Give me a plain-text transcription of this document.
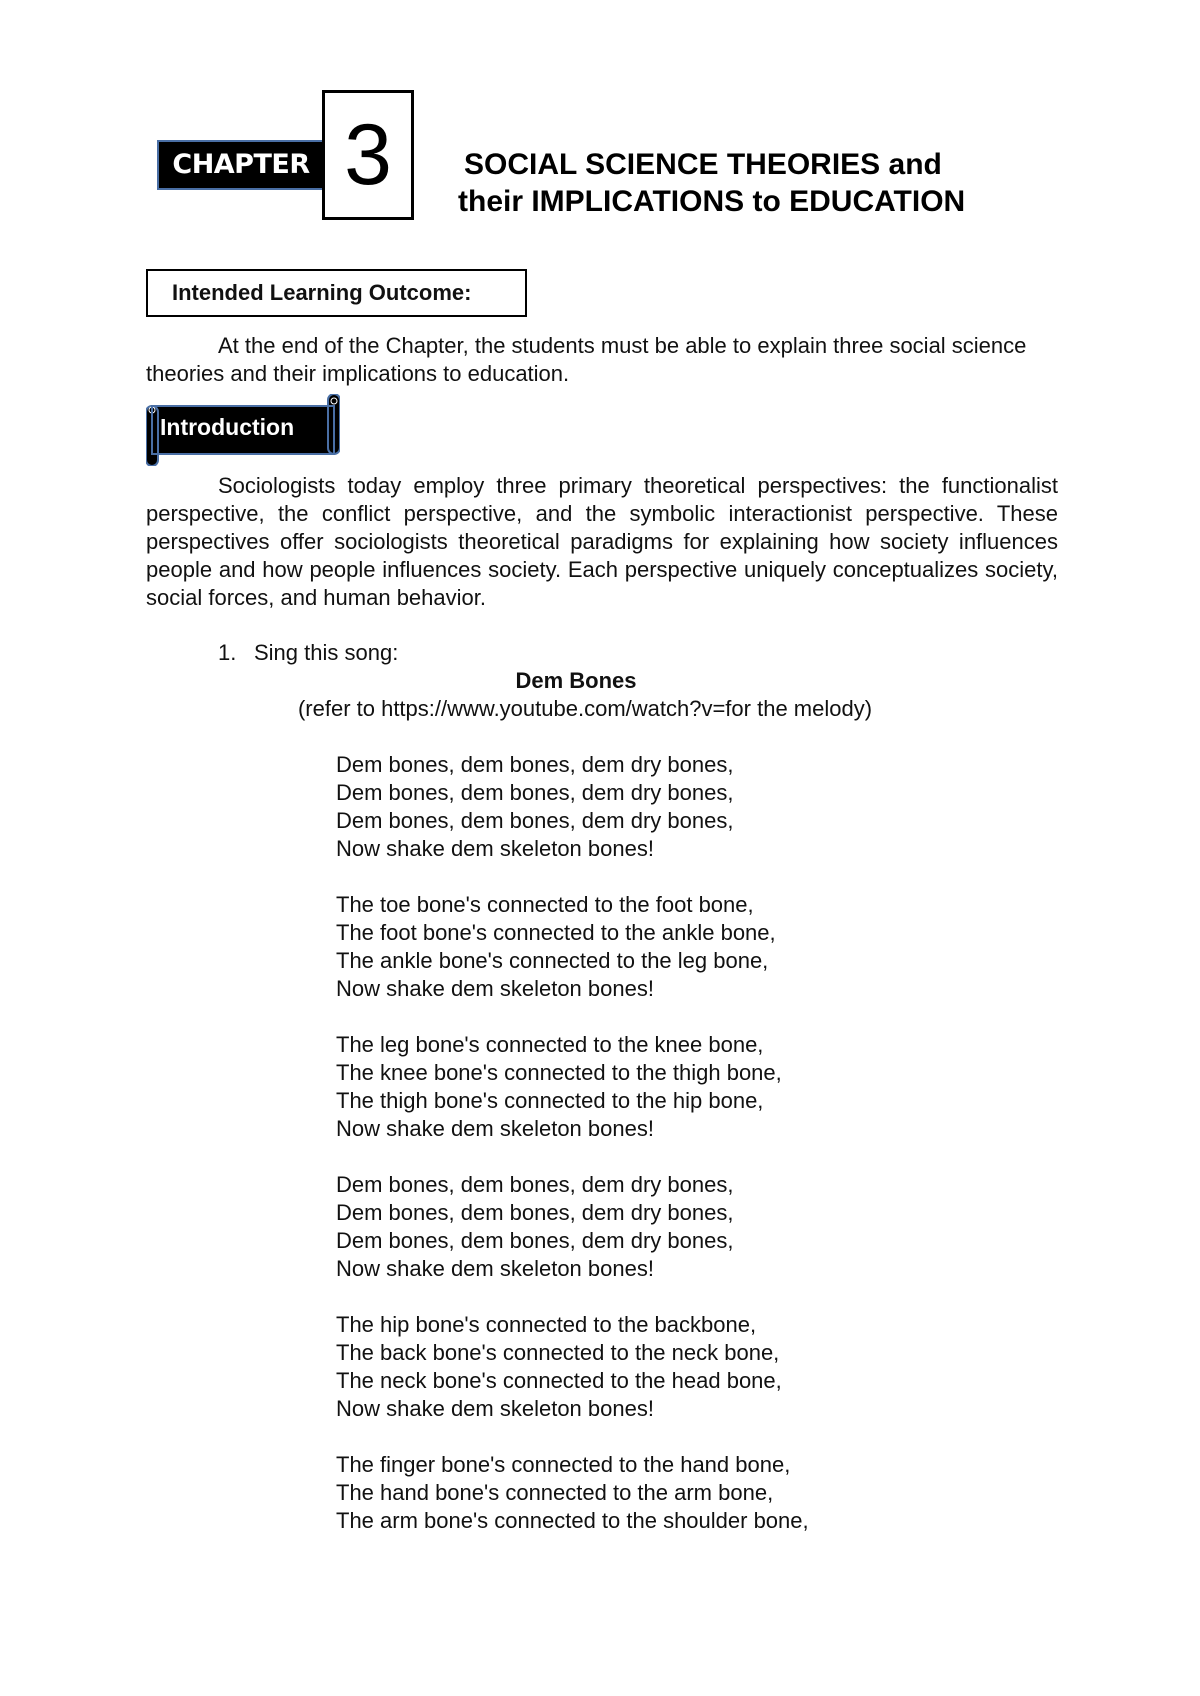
CHAPTER 3	SOCIAL SCIENCE THEORIES and
their IMPLICATIONS to EDUCATION
Intended Learning Outcome:
At the end of the Chapter, the students must be able to explain three social science theories and their implications to education.
Introduction
Sociologists today employ three primary theoretical perspectives: the functionalist perspective, the conflict perspective, and the symbolic interactionist perspective. These perspectives offer sociologists theoretical paradigms for explaining how society influences people and how people influences society. Each perspective uniquely conceptualizes society, social forces, and human behavior.
1. Sing this song:
Dem Bones
(refer to https://www.youtube.com/watch?v=for the melody)
Dem bones, dem bones, dem dry bones,
Dem bones, dem bones, dem dry bones,
Dem bones, dem bones, dem dry bones,
Now shake dem skeleton bones!
The toe bone's connected to the foot bone,
The foot bone's connected to the ankle bone,
The ankle bone's connected to the leg bone,
Now shake dem skeleton bones!
The leg bone's connected to the knee bone,
The knee bone's connected to the thigh bone,
The thigh bone's connected to the hip bone,
Now shake dem skeleton bones!
Dem bones, dem bones, dem dry bones,
Dem bones, dem bones, dem dry bones,
Dem bones, dem bones, dem dry bones,
Now shake dem skeleton bones!
The hip bone's connected to the backbone,
The back bone's connected to the neck bone,
The neck bone's connected to the head bone,
Now shake dem skeleton bones!
The finger bone's connected to the hand bone,
The hand bone's connected to the arm bone,
The arm bone's connected to the shoulder bone,
